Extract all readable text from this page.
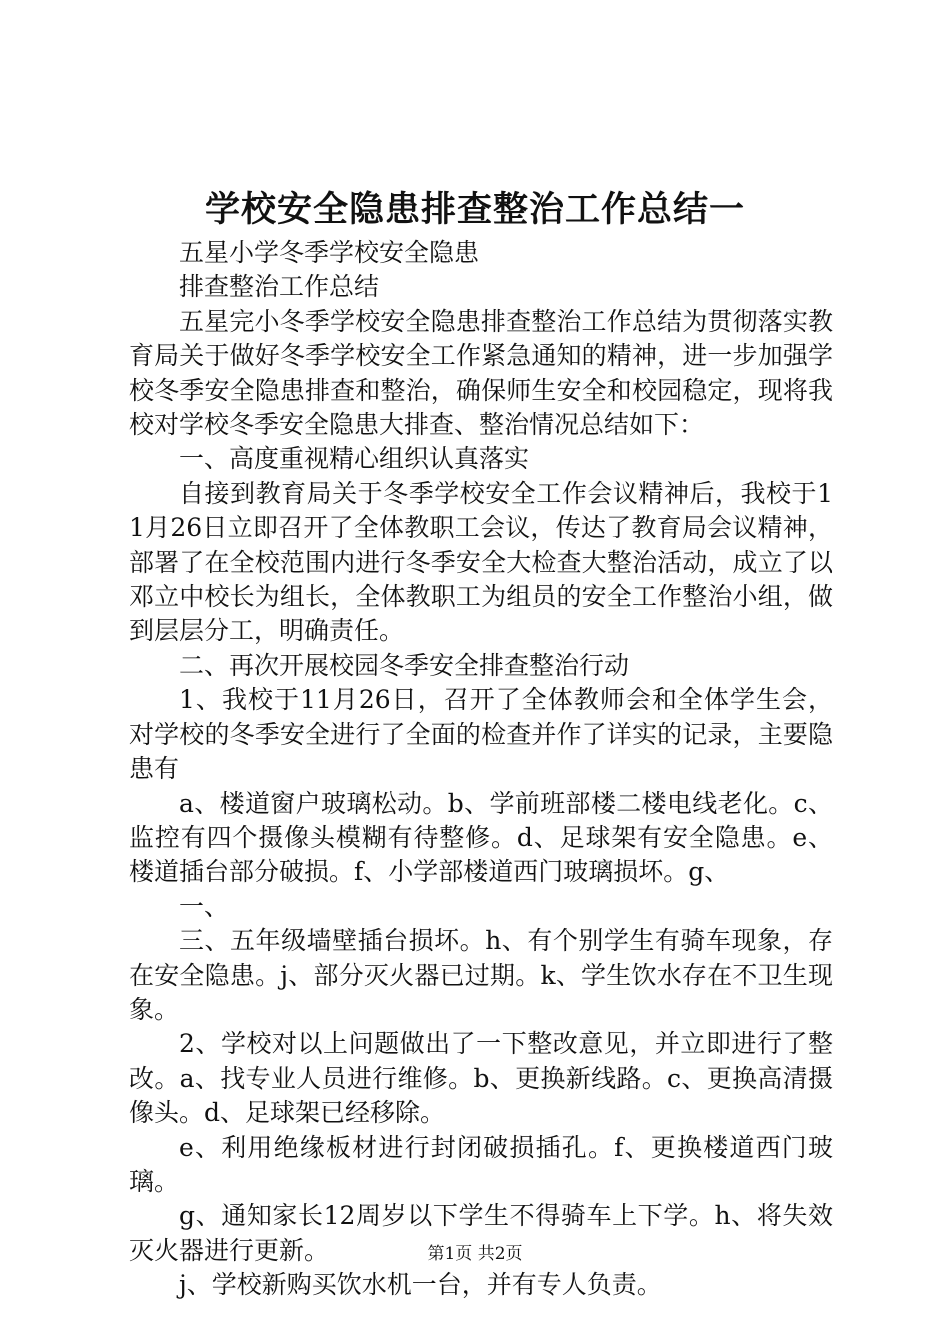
学校安全隐患排查整治工作总结一

五星小学冬季学校安全隐患

排查整治工作总结

五星完小冬季学校安全隐患排查整治工作总结为贯彻落实教育局关于做好冬季学校安全工作紧急通知的精神，进一步加强学校冬季安全隐患排查和整治，确保师生安全和校园稳定，现将我校对学校冬季安全隐患大排查、整治情况总结如下：

一、高度重视精心组织认真落实

自接到教育局关于冬季学校安全工作会议精神后，我校于11月26日立即召开了全体教职工会议，传达了教育局会议精神，部署了在全校范围内进行冬季安全大检查大整治活动，成立了以邓立中校长为组长，全体教职工为组员的安全工作整治小组，做到层层分工，明确责任。

二、再次开展校园冬季安全排查整治行动

1、我校于11月26日，召开了全体教师会和全体学生会，对学校的冬季安全进行了全面的检查并作了详实的记录，主要隐患有

a、楼道窗户玻璃松动。b、学前班部楼二楼电线老化。c、监控有四个摄像头模糊有待整修。d、足球架有安全隐患。e、楼道插台部分破损。f、小学部楼道西门玻璃损坏。g、

一、

三、五年级墙壁插台损坏。h、有个别学生有骑车现象，存在安全隐患。j、部分灭火器已过期。k、学生饮水存在不卫生现象。

2、学校对以上问题做出了一下整改意见，并立即进行了整改。a、找专业人员进行维修。b、更换新线路。c、更换高清摄像头。d、足球架已经移除。

e、利用绝缘板材进行封闭破损插孔。f、更换楼道西门玻璃。

g、通知家长12周岁以下学生不得骑车上下学。h、将失效灭火器进行更新。

j、学校新购买饮水机一台，并有专人负责。

第1页 共2页
